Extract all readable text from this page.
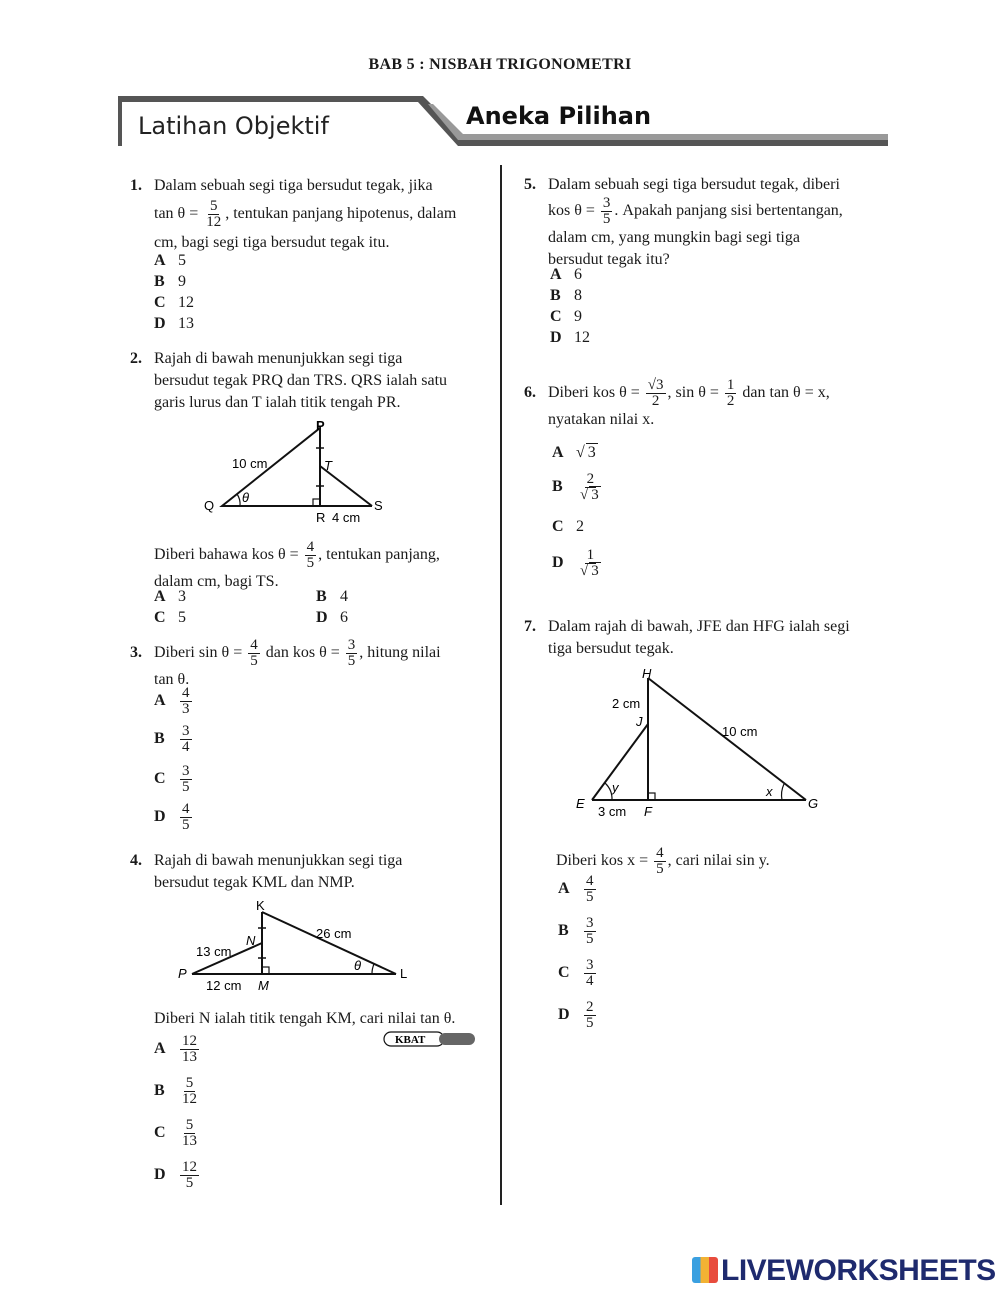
BAB 5 : NISBAH TRIGONOMETRI
Latihan Objektif	Aneka Pilihan
1. Dalam sebuah segi tiga bersudut tegak, jika
$\tan \theta = \frac{5}{12}$ , tentukan panjang hipotenus, dalam
cm, bagi segi tiga bersudut tegak itu.
A 5
B 9
C 12
D 13
2. Rajah di bawah menunjukkan segi tiga
bersudut tegak PRQ dan TRS. QRS ialah satu
garis lurus dan T ialah titik tengah PR.
P
T
Q
R
S
θ
10 cm
4 cm
Diberi bahawa kos $\theta = \frac{4}{5}$ , tentukan panjang,
dalam cm, bagi TS.
A 3	B 4
C 5	D 6
3. Diberi $\sin \theta = \frac{4}{5}$ dan kos $\theta = \frac{3}{5}$ , hitung nilai
tan θ.
A $\frac{4}{3}$
B $\frac{3}{4}$
C $\frac{3}{5}$
D $\frac{4}{5}$
4. Rajah di bawah menunjukkan segi tiga
bersudut tegak KML dan NMP.
K
N
P
M
L
θ
26 cm
13 cm
12 cm
Diberi N ialah titik tengah KM, cari nilai tan θ.
KBAT
A $\frac{12}{13}$
B $\frac{5}{12}$
C $\frac{5}{13}$
D $\frac{12}{5}$
5. Dalam sebuah segi tiga bersudut tegak, diberi
kos $\theta = \frac{3}{5}$ . Apakah panjang sisi bertentangan,
dalam cm, yang mungkin bagi segi tiga
bersudut tegak itu?
A 6
B 8
C 9
D 12
6. Diberi kos $\theta = \frac{√3}{2}$ , $\sin \theta = \frac{1}{2}$ dan tan θ = x,
nyatakan nilai x.
A √ 3
B $\frac{2}{√ 3}$
C 2
D $\frac{1}{√ 3}$
7. Dalam rajah di bawah, JFE dan HFG ialah segi
tiga bersudut tegak.
H
J
E
F
G
y	x
2 cm
10 cm
3 cm
Diberi kos $x = \frac{4}{5}$ , cari nilai sin y.
A $\frac{4}{5}$
B $\frac{3}{5}$
C $\frac{3}{4}$
D $\frac{2}{5}$
LIVEWORKSHEETS
